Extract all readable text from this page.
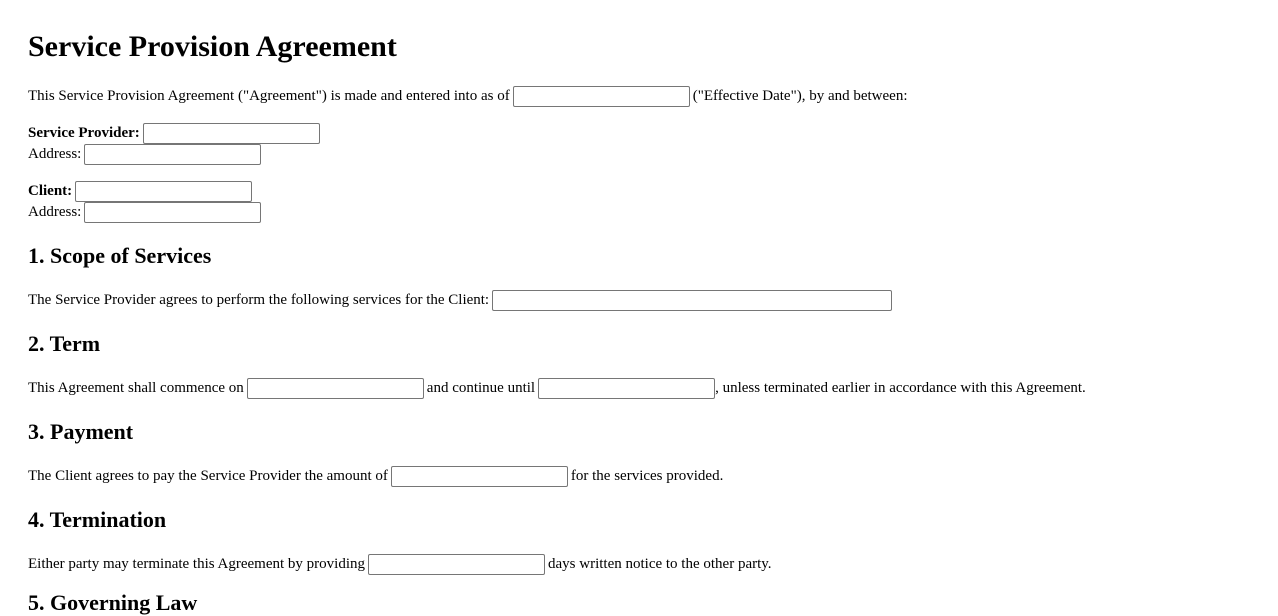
Service Provision Agreement
This Service Provision Agreement ("Agreement") is made and entered into as of	("Effective Date"), by and between:
Service Provider:
Address:
Client:
Address:
1. Scope of Services
The Service Provider agrees to perform the following services for the Client:
2. Term
This Agreement shall commence on	and continue until	, unless terminated earlier in accordance with this Agreement.
3. Payment
The Client agrees to pay the Service Provider the amount of	for the services provided.
4. Termination
Either party may terminate this Agreement by providing	days written notice to the other party.
5. Governing Law
